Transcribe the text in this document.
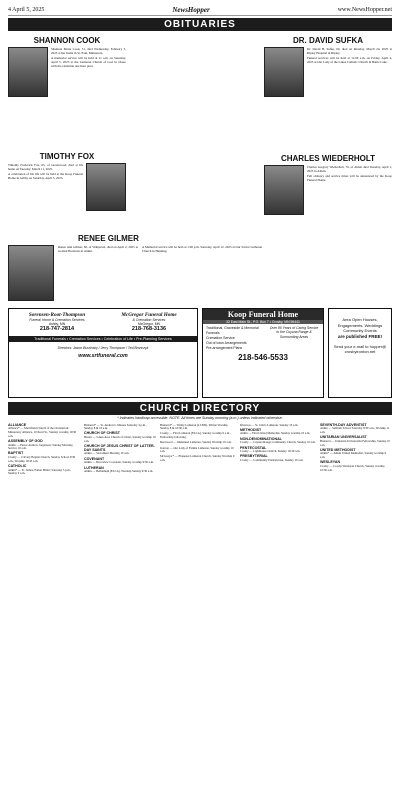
4 April 5, 2025	NewsHopper	www.NewsHopper.net
OBITUARIES
SHANNON COOK

Shannon Marie Cook, 51, died Wednesday, February 5, 2025 at her home in St. Paul, Minnesota.

A memorial service will be held at 11 a.m. on Saturday, April 5, 2025 at the Lutheran Church of God in Osseo with the visitation one hour prior.

TIMOTHY FOX

Timothy Frederick Fox, 65, of Greenwood, died at his home on Tuesday, March 11, 2025.

A celebration of his life will be held at the Koop Funeral Home in Ashby on Saturday, April 5, 2025.

RENEE GILMER

Renee Ann Gilmer, 82, of Wahpeton, died on April 2, 2025 at Golden Horizons in Aitkin.

A Memorial service will be held at 1:00 p.m. Saturday, April 12, 2025 at Our Savior Lutheran Church in Henning.

DR. DAVID SUFKA

Dr. David H. Sufka, 60, died on Monday, March 24, 2025 at Ripley Hospital in Ripley.

Funeral services will be held at 11:00 a.m. on Friday, April 4, 2025 at Our Lady of the Lakes Catholic Church in Battle Lake.

CHARLES WIEDERHOLT

Charles Gregory Wiederholt, 76, of Alden died Tuesday, April 1, 2025 in Aitkin.

Full obituary and service times will be announced by the Koop Funeral Home.

Sorensen-Root-Thompson
Funeral Home & Cremation Services
Ashby, MN
218-747-2814
McGregor Funeral Home
& Cremation Services
McGregor, MN
218-768-3136
Traditional Funerals • Cremation Services • Celebration of Life • Pre-Planning Services
Directors: Jason Burzinsky / Jerry Thompson / Ted Bronczyk
www.srtfuneral.com
Koop Funeral Home
32 East Main St., P.O. Box 7 • Crosby, MN 56441
Traditional, Graveside & Memorial Funerals
Cremation Service
Out of town Arrangements
Pre-arrangement Plans
Over 80 Years of Caring Service to the Cuyuna Range & Surrounding Areas
218-546-5533
Area Open Houses,
Engagements, Weddings
Community Events
are published FREE!
Send your e-mail to hopper@
crosbyironton.net
CHURCH DIRECTORY
* Indicates handicap accessible. NOTE: All times are Sunday morning (a.m.) unless indicated otherwise.
ALLIANCE
Alliance* — Merrifield Church of the Christian & Missionary Alliance, 10 Pearl St., Sunday worship 10:30 a.m.
ASSEMBLY OF GOD
Aitkin — Pastor Andrew Jorgenson; Sunday Morning Service 10 a.m.
BAPTIST
Crosby — Calvary Baptist Church, Sunday School 9:30 a.m., Worship 10:45 a.m.
CATHOLIC
Aitkin* — St. James, Father Hiller; Saturday 5 p.m., Sunday 9 a.m.
Brainerd* — St. Andrew's, Masses Saturday 4 p.m., Sunday 8 & 10 a.m.
CHURCH OF CHRIST
Baxter — Lakes Area Church of Christ, Sunday worship 10 a.m.
CHURCH OF JESUS CHRIST OF LATTER-DAY SAINTS
Aitkin — Sacrament Meeting 10 a.m.
COVENANT
Aitkin — Riverview Covenant, Sunday worship 9:30 a.m.
LUTHERAN
Aitkin — Bethlehem (ELCA), Worship Sunday 9:30 a.m.
Brainerd* — Trinity Lutheran (LCMS), Divine Worship Sunday 8 & 10:30 a.m.
Crosby — First Lutheran (ELCA), Sunday worship 9 a.m., Fellowship following.
Deerwood — Immanuel Lutheran, Sunday Worship 10 a.m.
Ironton — Our Lady of Fatima Lutheran, Sunday worship 10 a.m.
McGregor* — Ebenezer Lutheran Church, Sunday Worship 9 a.m.
Riverton — St. John's Lutheran, Sunday 10 a.m.
METHODIST
Aitkin — First United Methodist, Sunday worship 10 a.m.
NON-DENOMINATIONAL
Crosby — Cuyuna Range Community Church, Sunday 10 a.m.
PENTECOSTAL
Crosby — Lighthouse Church, Sunday 10:30 a.m.
PRESBYTERIAL
Crosby — Community Presbyterian, Sunday 10 a.m.
SEVENTH-DAY ADVENTIST
Aitkin — Sabbath School Saturday 9:30 a.m., Worship 11 a.m.
UNITARIAN UNIVERSALIST
Brainerd — Unitarian Universalist Fellowship, Sunday 10 a.m.
UNITED METHODIST
Aitkin* — Aitkin United Methodist, Sunday worship 9 a.m.
WESLEYAN
Crosby — Crosby Wesleyan Church, Sunday worship 10:30 a.m.
